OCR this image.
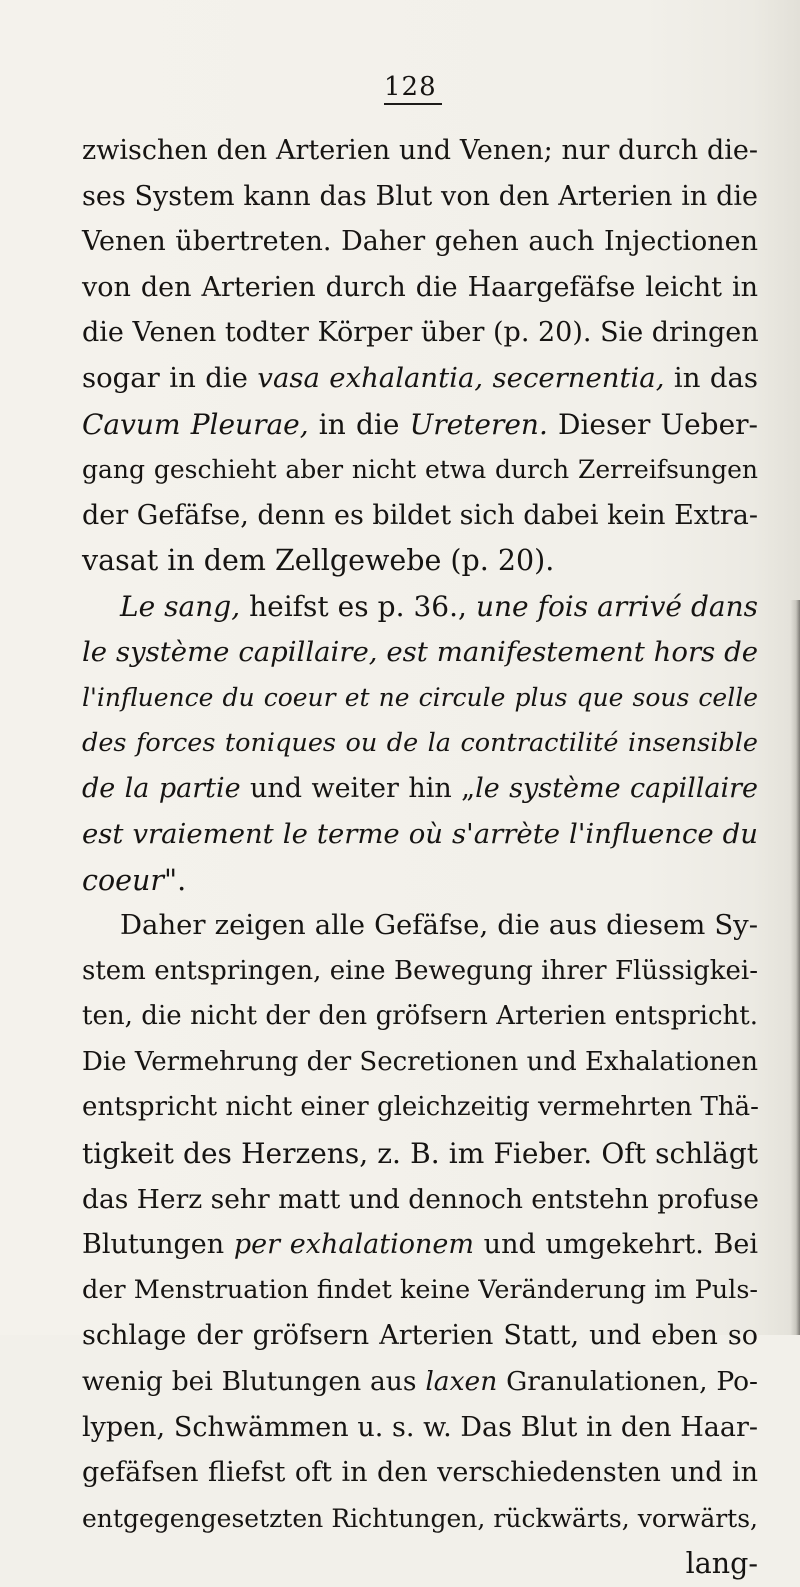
128
zwischen den Arterien und Venen; nur durch die-
ses System kann das Blut von den Arterien in die
Venen übertreten. Daher gehen auch Injectionen
von den Arterien durch die Haargefäfse leicht in
die Venen todter Körper über (p. 20). Sie dringen
sogar in die vasa exhalantia, secernentia, in das
Cavum Pleurae, in die Ureteren. Dieser Ueber-
gang geschieht aber nicht etwa durch Zerreifsungen
der Gefäfse, denn es bildet sich dabei kein Extra-
vasat in dem Zellgewebe (p. 20).
Le sang, heifst es p. 36., une fois arrivé dans
le système capillaire, est manifestement hors de
l'influence du coeur et ne circule plus que sous celle
des forces toniques ou de la contractilité insensible
de la partie und weiter hin „le système capillaire
est vraiement le terme où s'arrète l'influence du
coeur".
Daher zeigen alle Gefäfse, die aus diesem Sy-
stem entspringen, eine Bewegung ihrer Flüssigkei-
ten, die nicht der den gröfsern Arterien entspricht.
Die Vermehrung der Secretionen und Exhalationen
entspricht nicht einer gleichzeitig vermehrten Thä-
tigkeit des Herzens, z. B. im Fieber. Oft schlägt
das Herz sehr matt und dennoch entstehn profuse
Blutungen per exhalationem und umgekehrt. Bei
der Menstruation findet keine Veränderung im Puls-
schlage der gröfsern Arterien Statt, und eben so
wenig bei Blutungen aus laxen Granulationen, Po-
lypen, Schwämmen u. s. w. Das Blut in den Haar-
gefäfsen fliefst oft in den verschiedensten und in
entgegengesetzten Richtungen, rückwärts, vorwärts,
lang-
